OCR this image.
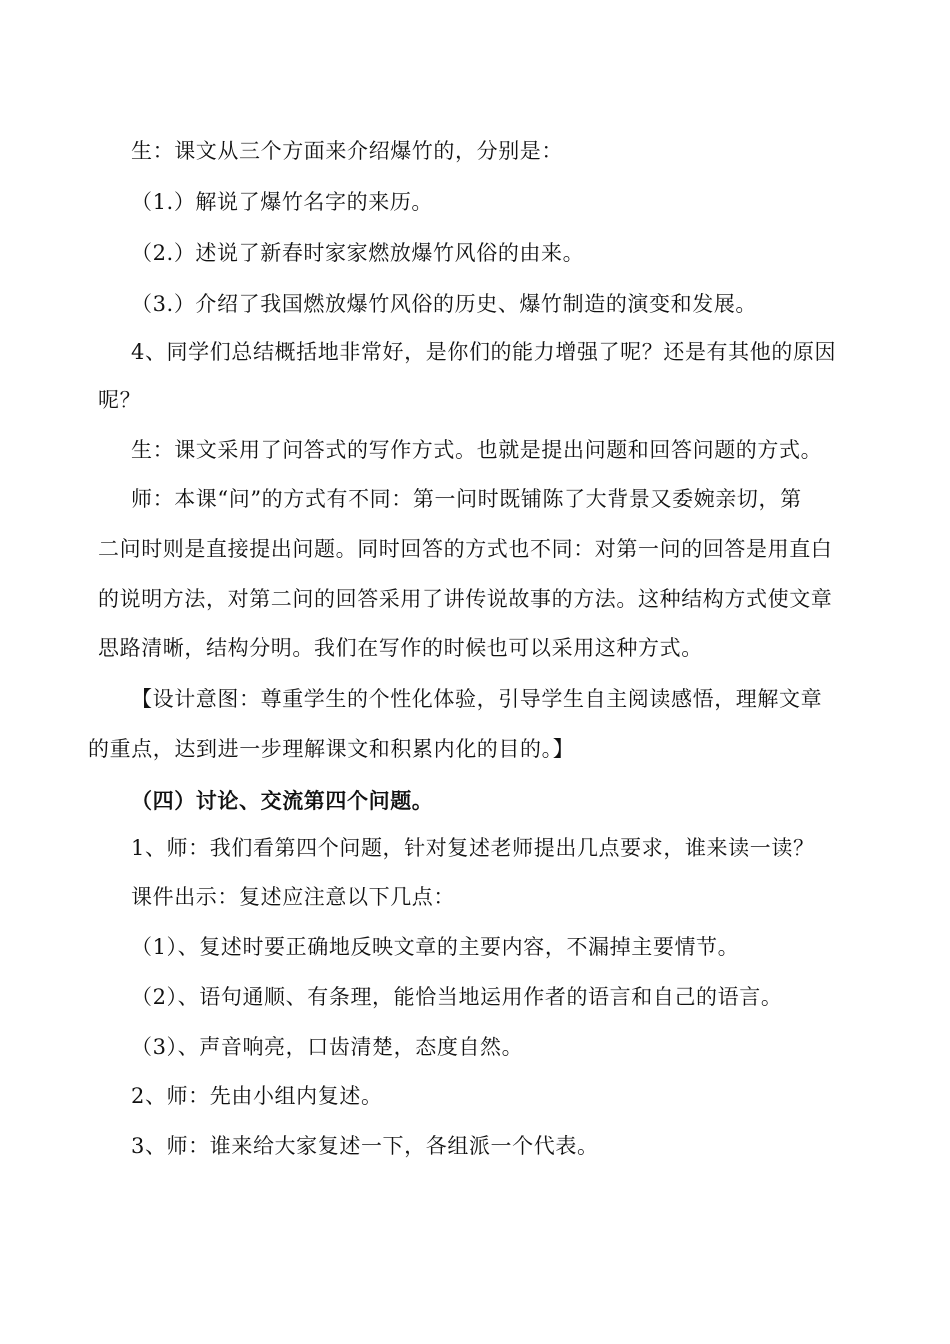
生：课文从三个方面来介绍爆竹的，分别是：
（1.）解说了爆竹名字的来历。
（2.）述说了新春时家家燃放爆竹风俗的由来。
（3.）介绍了我国燃放爆竹风俗的历史、爆竹制造的演变和发展。
4、同学们总结概括地非常好，是你们的能力增强了呢？还是有其他的原因
呢？
生：课文采用了问答式的写作方式。也就是提出问题和回答问题的方式。
师：本课“问”的方式有不同：第一问时既铺陈了大背景又委婉亲切，第
二问时则是直接提出问题。同时回答的方式也不同：对第一问的回答是用直白
的说明方法，对第二问的回答采用了讲传说故事的方法。这种结构方式使文章
思路清晰，结构分明。我们在写作的时候也可以采用这种方式。
【设计意图：尊重学生的个性化体验，引导学生自主阅读感悟，理解文章
的重点，达到进一步理解课文和积累内化的目的。】
（四）讨论、交流第四个问题。
1、师：我们看第四个问题，针对复述老师提出几点要求，谁来读一读？
课件出示：复述应注意以下几点：
（1）、复述时要正确地反映文章的主要内容，不漏掉主要情节。
（2）、语句通顺、有条理，能恰当地运用作者的语言和自己的语言。
（3）、声音响亮，口齿清楚，态度自然。
2、师：先由小组内复述。
3、师：谁来给大家复述一下，各组派一个代表。
